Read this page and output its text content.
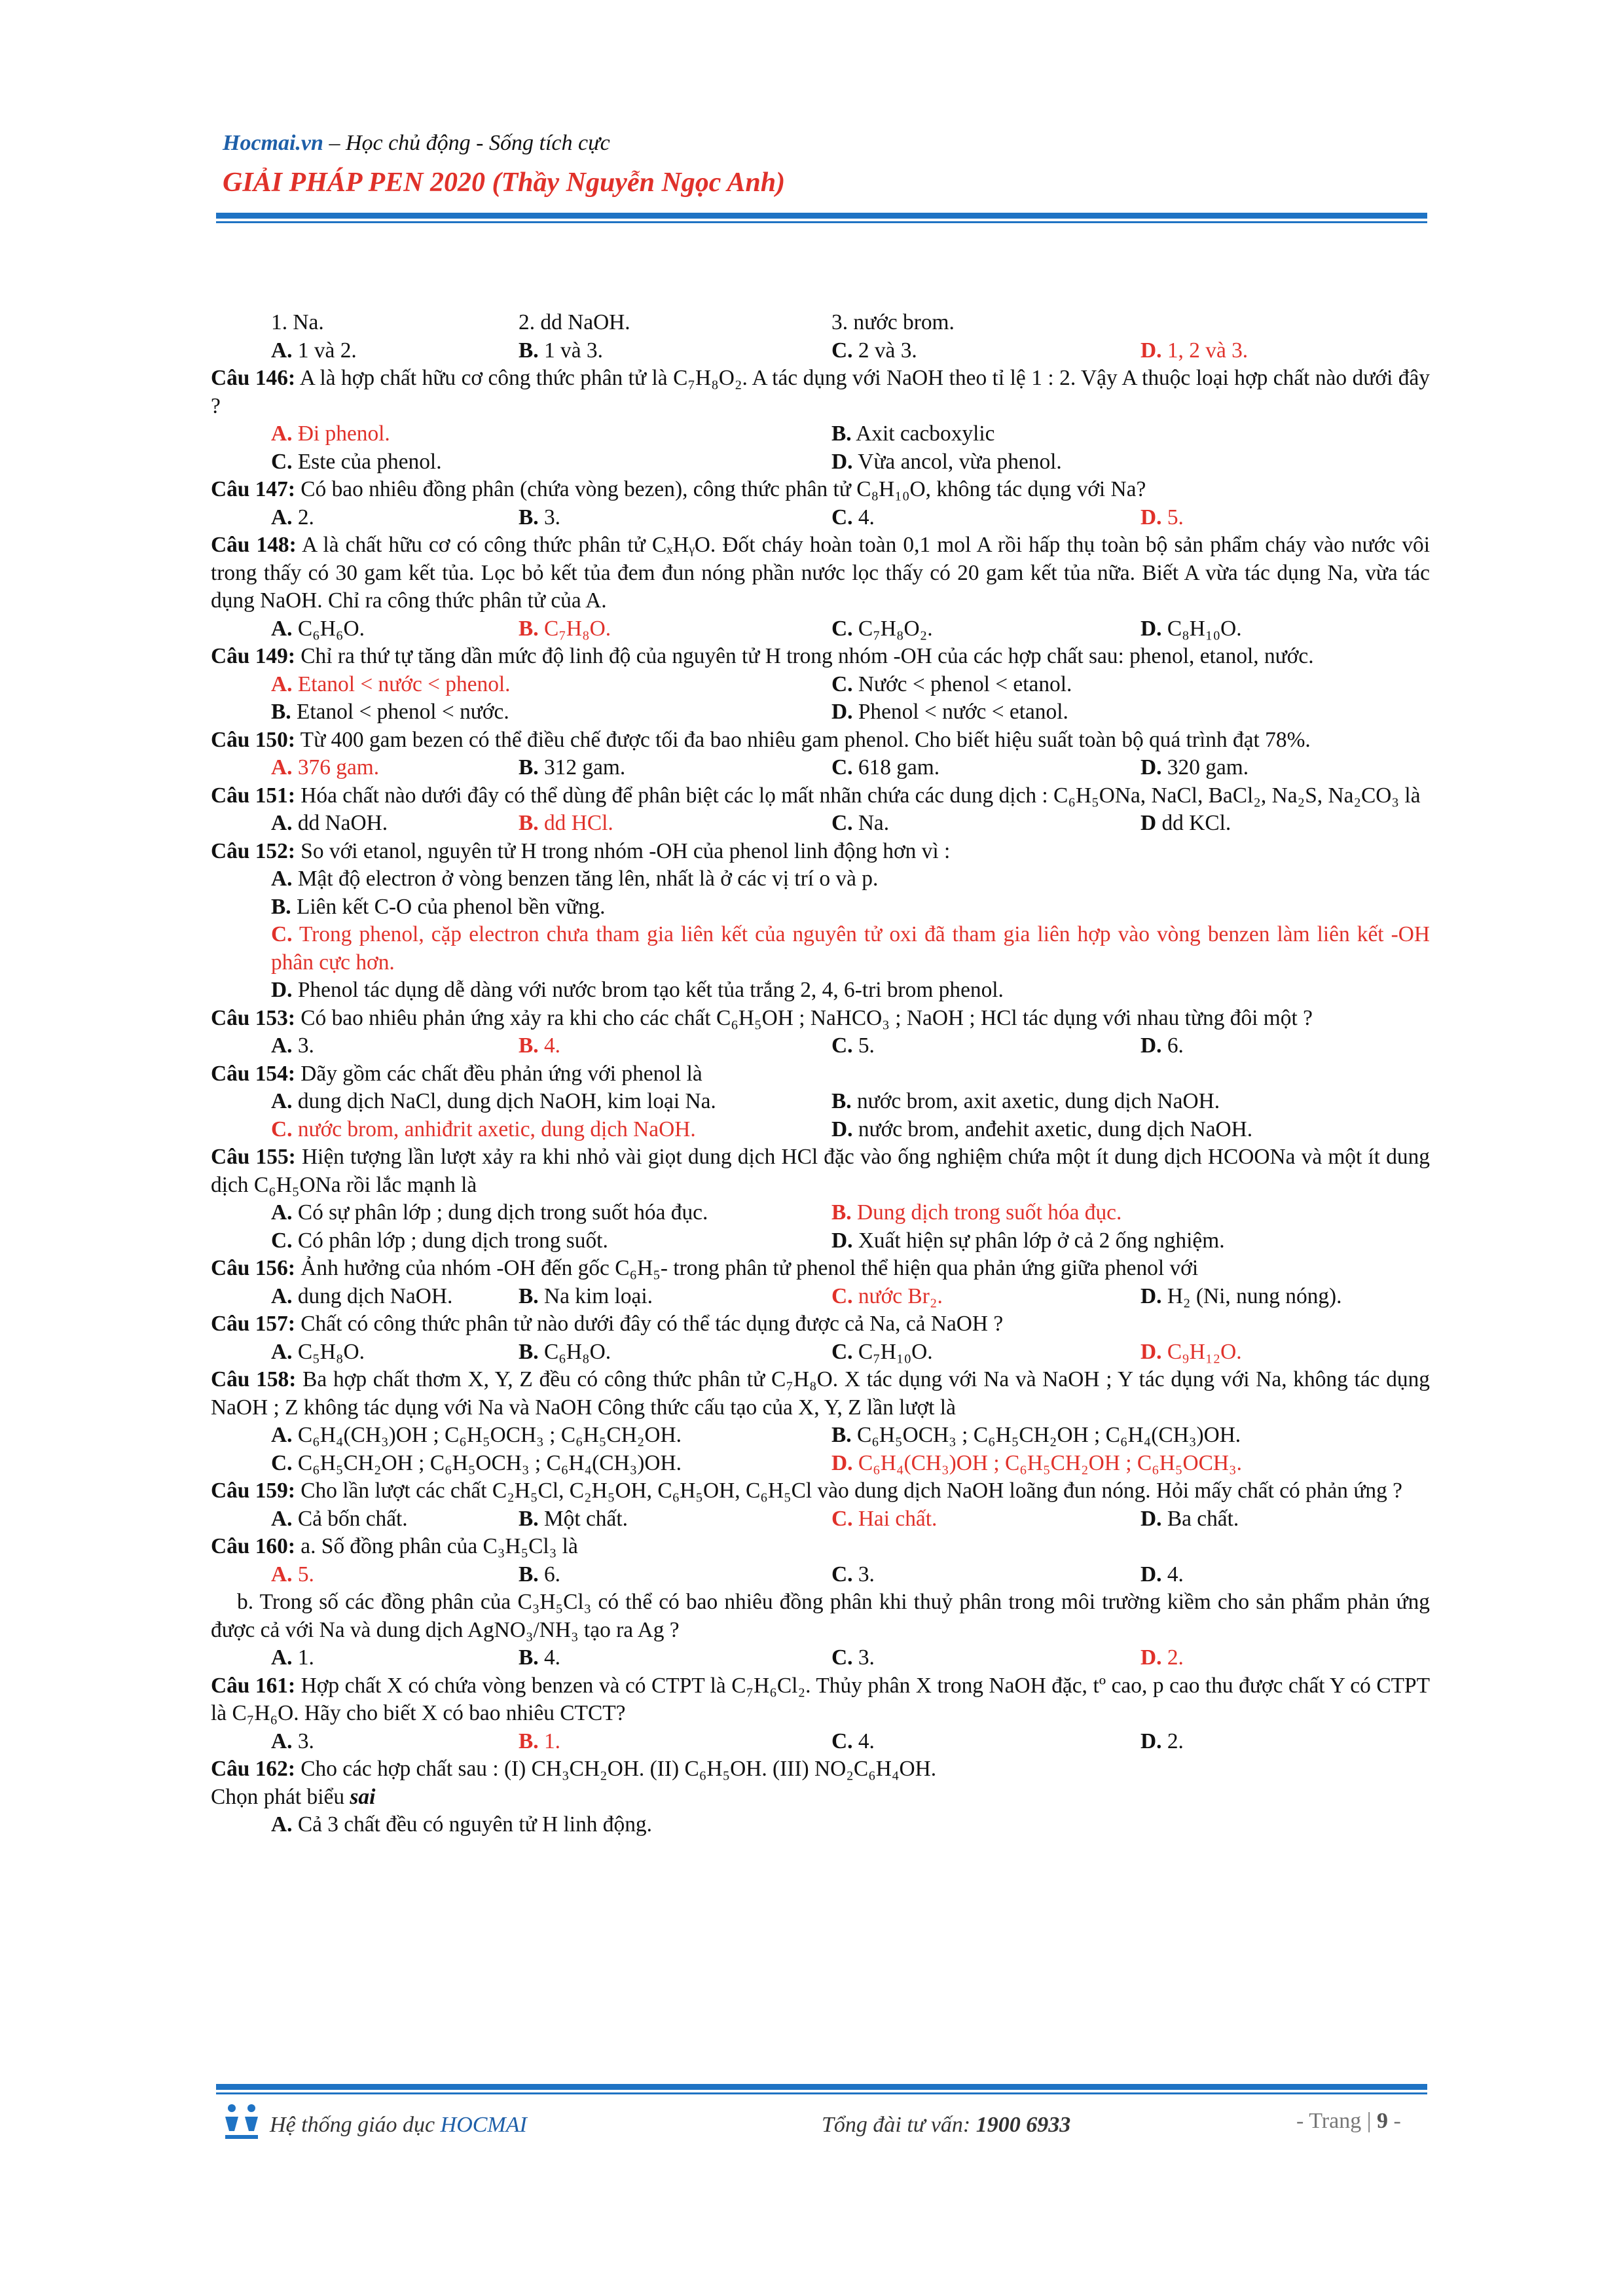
Hocmai.vn – Học chủ động - Sống tích cực
GIẢI PHÁP PEN 2020 (Thầy Nguyễn Ngọc Anh)
1. Na.	2. dd NaOH.	3. nước brom.
A. 1 và 2.	B. 1 và 3.	C. 2 và 3.	D. 1, 2 và 3.
Câu 146: A là hợp chất hữu cơ công thức phân tử là C₇H₈O₂. A tác dụng với NaOH theo tỉ lệ 1 : 2. Vậy A thuộc loại hợp chất nào dưới đây ?
A. Đi phenol.	B. Axit cacboxylic
C. Este của phenol.	D. Vừa ancol, vừa phenol.
Câu 147: Có bao nhiêu đồng phân (chứa vòng bezen), công thức phân tử C₈H₁₀O, không tác dụng với Na?
A. 2.	B. 3.	C. 4.	D. 5.
Câu 148: A là chất hữu cơ có công thức phân tử CₓHᵧO. Đốt cháy hoàn toàn 0,1 mol A rồi hấp thụ toàn bộ sản phẩm cháy vào nước vôi trong thấy có 30 gam kết tủa. Lọc bỏ kết tủa đem đun nóng phần nước lọc thấy có 20 gam kết tủa nữa. Biết A vừa tác dụng Na, vừa tác dụng NaOH. Chỉ ra công thức phân tử của A.
A. C₆H₆O.	B. C₇H₈O.	C. C₇H₈O₂.	D. C₈H₁₀O.
Câu 149: Chỉ ra thứ tự tăng dần mức độ linh độ của nguyên tử H trong nhóm -OH của các hợp chất sau: phenol, etanol, nước.
A. Etanol < nước < phenol.	C. Nước < phenol < etanol.
B. Etanol < phenol < nước.	D. Phenol < nước < etanol.
Câu 150: Từ 400 gam bezen có thể điều chế được tối đa bao nhiêu gam phenol. Cho biết hiệu suất toàn bộ quá trình đạt 78%.
A. 376 gam.	B. 312 gam.	C. 618 gam.	D. 320 gam.
Câu 151: Hóa chất nào dưới đây có thể dùng để phân biệt các lọ mất nhãn chứa các dung dịch : C₆H₅ONa, NaCl, BaCl₂, Na₂S, Na₂CO₃ là
A. dd NaOH.	B. dd HCl.	C. Na.	D dd KCl.
Câu 152: So với etanol, nguyên tử H trong nhóm -OH của phenol linh động hơn vì :
A. Mật độ electron ở vòng benzen tăng lên, nhất là ở các vị trí o và p.
B. Liên kết C-O của phenol bền vững.
C. Trong phenol, cặp electron chưa tham gia liên kết của nguyên tử oxi đã tham gia liên hợp vào vòng benzen làm liên kết -OH phân cực hơn.
D. Phenol tác dụng dễ dàng với nước brom tạo kết tủa trắng 2, 4, 6-tri brom phenol.
Câu 153: Có bao nhiêu phản ứng xảy ra khi cho các chất C₆H₅OH ; NaHCO₃ ; NaOH ; HCl tác dụng với nhau từng đôi một ?
A. 3.	B. 4.	C. 5.	D. 6.
Câu 154: Dãy gồm các chất đều phản ứng với phenol là
A. dung dịch NaCl, dung dịch NaOH, kim loại Na.	B. nước brom, axit axetic, dung dịch NaOH.
C. nước brom, anhiđrit axetic, dung dịch NaOH.	D. nước brom, anđehit axetic, dung dịch NaOH.
Câu 155: Hiện tượng lần lượt xảy ra khi nhỏ vài giọt dung dịch HCl đặc vào ống nghiệm chứa một ít dung dịch HCOONa và một ít dung dịch C₆H₅ONa rồi lắc mạnh là
A. Có sự phân lớp ; dung dịch trong suốt hóa đục.	B. Dung dịch trong suốt hóa đục.
C. Có phân lớp ; dung dịch trong suốt.	D. Xuất hiện sự phân lớp ở cả 2 ống nghiệm.
Câu 156: Ảnh hưởng của nhóm -OH đến gốc C₆H₅- trong phân tử phenol thể hiện qua phản ứng giữa phenol với
A. dung dịch NaOH.	B. Na kim loại.	C. nước Br₂.	D. H₂ (Ni, nung nóng).
Câu 157: Chất có công thức phân tử nào dưới đây có thể tác dụng được cả Na, cả NaOH ?
A. C₅H₈O.	B. C₆H₈O.	C. C₇H₁₀O.	D. C₉H₁₂O.
Câu 158: Ba hợp chất thơm X, Y, Z đều có công thức phân tử C₇H₈O. X tác dụng với Na và NaOH ; Y tác dụng với Na, không tác dụng NaOH ; Z không tác dụng với Na và NaOH Công thức cấu tạo của X, Y, Z lần lượt là
A. C₆H₄(CH₃)OH ; C₆H₅OCH₃ ; C₆H₅CH₂OH.	B. C₆H₅OCH₃ ; C₆H₅CH₂OH ; C₆H₄(CH₃)OH.
C. C₆H₅CH₂OH ; C₆H₅OCH₃ ; C₆H₄(CH₃)OH.	D. C₆H₄(CH₃)OH ; C₆H₅CH₂OH ; C₆H₅OCH₃.
Câu 159: Cho lần lượt các chất C₂H₅Cl, C₂H₅OH, C₆H₅OH, C₆H₅Cl vào dung dịch NaOH loãng đun nóng. Hỏi mấy chất có phản ứng ?
A. Cả bốn chất.	B. Một chất.	C. Hai chất.	D. Ba chất.
Câu 160: a. Số đồng phân của C₃H₅Cl₃ là
A. 5.	B. 6.	C. 3.	D. 4.
b. Trong số các đồng phân của C₃H₅Cl₃ có thể có bao nhiêu đồng phân khi thuỷ phân trong môi trường kiềm cho sản phẩm phản ứng được cả với Na và dung dịch AgNO₃/NH₃ tạo ra Ag ?
A. 1.	B. 4.	C. 3.	D. 2.
Câu 161: Hợp chất X có chứa vòng benzen và có CTPT là C₇H₆Cl₂. Thủy phân X trong NaOH đặc, tº cao, p cao thu được chất Y có CTPT là C₇H₆O. Hãy cho biết X có bao nhiêu CTCT?
A. 3.	B. 1.	C. 4.	D. 2.
Câu 162: Cho các hợp chất sau : (I) CH₃CH₂OH. (II) C₆H₅OH. (III) NO₂C₆H₄OH.
Chọn phát biểu sai
A. Cả 3 chất đều có nguyên tử H linh động.
Hệ thống giáo dục HOCMAI	Tổng đài tư vấn: 1900 6933	- Trang | 9 -
